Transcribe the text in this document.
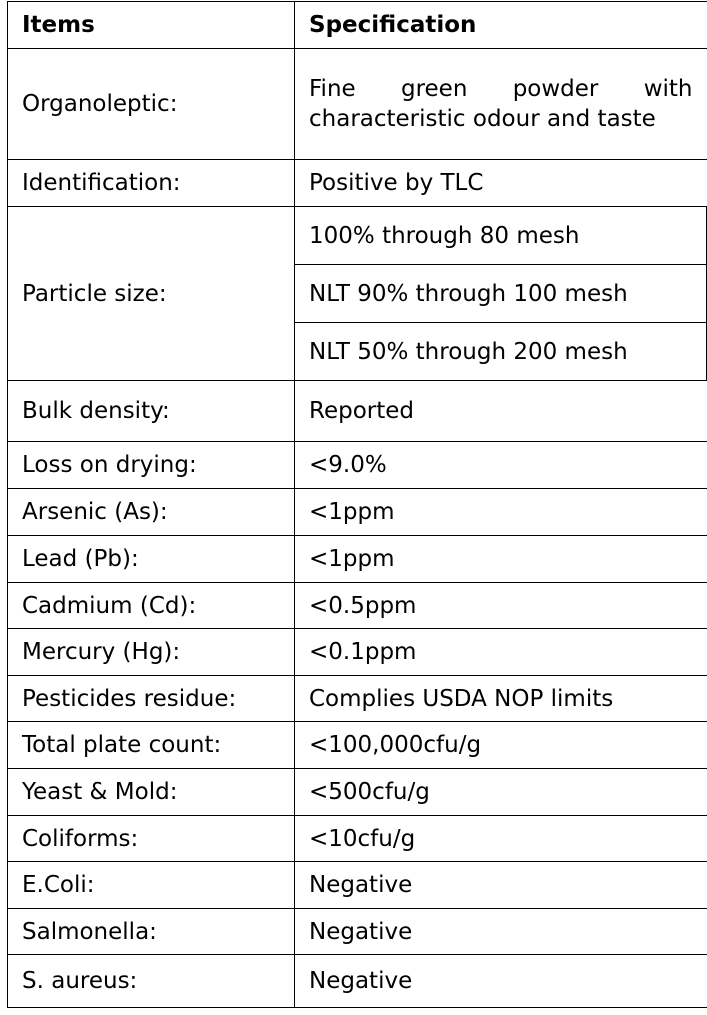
Items	Specification
Organoleptic:	Fine green powder with characteristic odour and taste
Identification:	Positive by TLC
Particle size:	100% through 80 mesh
	NLT 90% through 100 mesh
	NLT 50% through 200 mesh
Bulk density:	Reported
Loss on drying:	<9.0%
Arsenic (As):	<1ppm
Lead (Pb):	<1ppm
Cadmium (Cd):	<0.5ppm
Mercury (Hg):	<0.1ppm
Pesticides residue:	Complies USDA NOP limits
Total plate count:	<100,000cfu/g
Yeast & Mold:	<500cfu/g
Coliforms:	<10cfu/g
E.Coli:	Negative
Salmonella:	Negative
S. aureus:	Negative
